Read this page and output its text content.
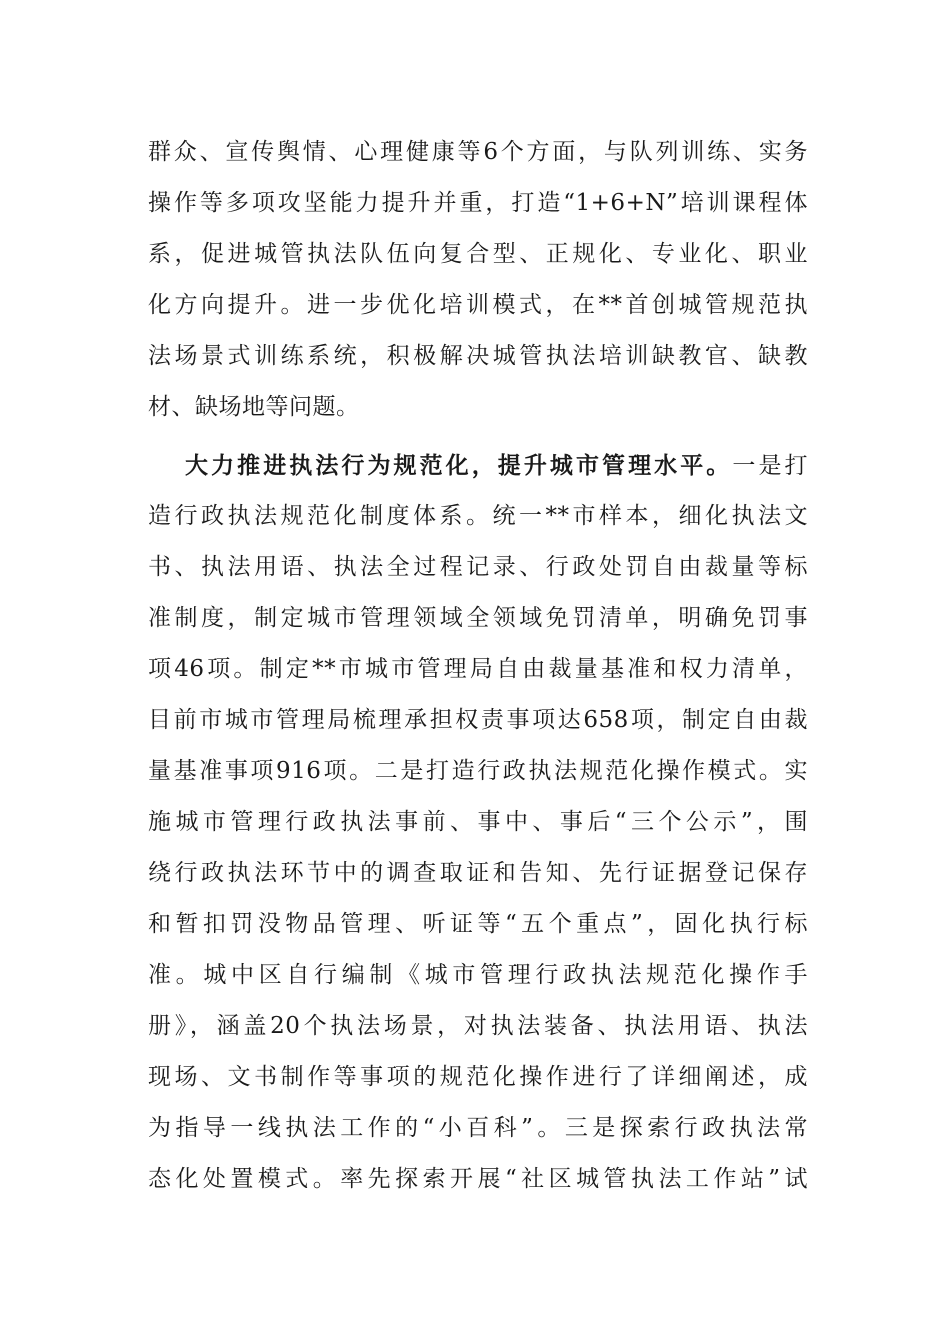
群众、宣传舆情、心理健康等6个方面，与队列训练、实务
操作等多项攻坚能力提升并重，打造“1+6+N”培训课程体
系，促进城管执法队伍向复合型、正规化、专业化、职业
化方向提升。进一步优化培训模式，在**首创城管规范执
法场景式训练系统，积极解决城管执法培训缺教官、缺教
材、缺场地等问题。
大力推进执法行为规范化，提升城市管理水平。一是打
造行政执法规范化制度体系。统一**市样本，细化执法文
书、执法用语、执法全过程记录、行政处罚自由裁量等标
准制度，制定城市管理领域全领域免罚清单，明确免罚事
项46项。制定**市城市管理局自由裁量基准和权力清单，
目前市城市管理局梳理承担权责事项达658项，制定自由裁
量基准事项916项。二是打造行政执法规范化操作模式。实
施城市管理行政执法事前、事中、事后“三个公示”，围
绕行政执法环节中的调查取证和告知、先行证据登记保存
和暂扣罚没物品管理、听证等“五个重点”，固化执行标
准。城中区自行编制《城市管理行政执法规范化操作手
册》，涵盖20个执法场景，对执法装备、执法用语、执法
现场、文书制作等事项的规范化操作进行了详细阐述，成
为指导一线执法工作的“小百科”。三是探索行政执法常
态化处置模式。率先探索开展“社区城管执法工作站”试
